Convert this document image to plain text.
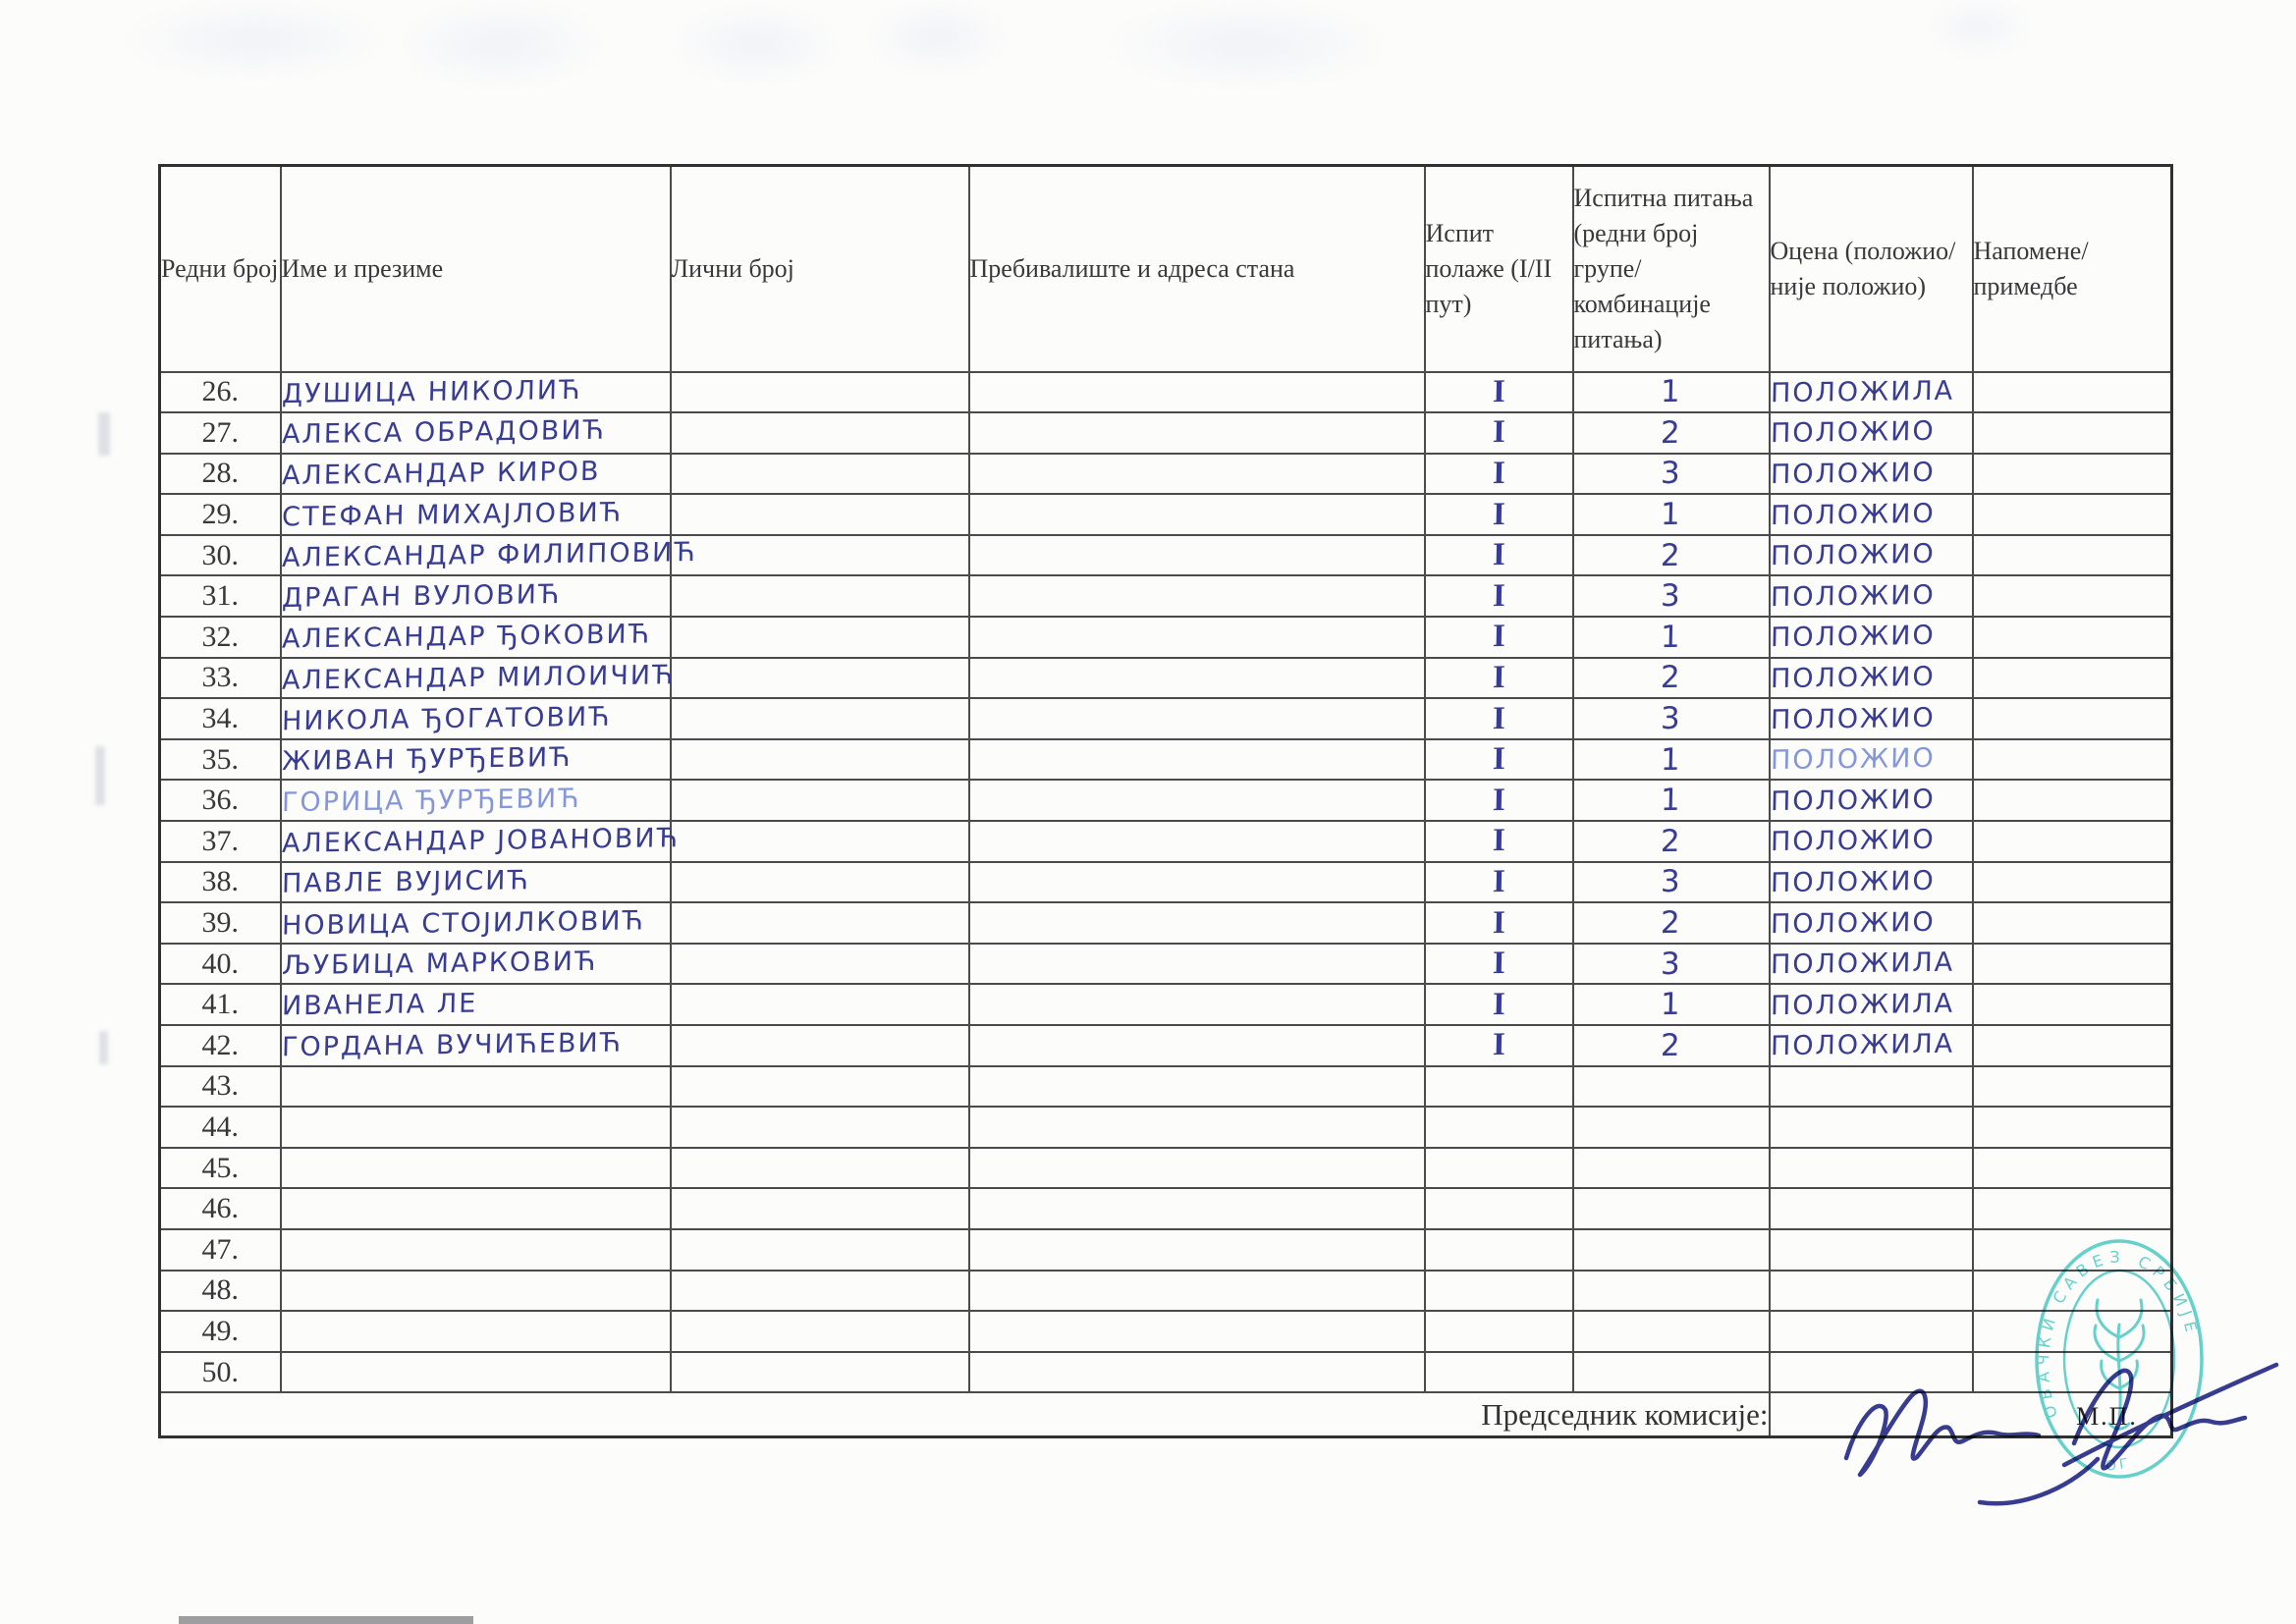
Редни број	Име и презиме	Лични број	Пребивалиште и адреса стана	Испит полаже (I/II пут)	Испитна питања (редни број групе/ комбинације питања)	Оцена (положио/ није положио)	Напомене/ примедбе
26.	ДУШИЦА НИКОЛИЋ			I	1	ПОЛОЖИЛА	
27.	АЛЕКСА ОБРАДОВИЋ			I	2	ПОЛОЖИО	
28.	АЛЕКСАНДАР КИРОВ			I	3	ПОЛОЖИО	
29.	СТЕФАН МИХАЈЛОВИЋ			I	1	ПОЛОЖИО	
30.	АЛЕКСАНДАР ФИЛИПОВИЋ			I	2	ПОЛОЖИО	
31.	ДРАГАН ВУЛОВИЋ			I	3	ПОЛОЖИО	
32.	АЛЕКСАНДАР ЂОКОВИЋ			I	1	ПОЛОЖИО	
33.	АЛЕКСАНДАР МИЛОИЧИЋ			I	2	ПОЛОЖИО	
34.	НИКОЛА ЂОГАТОВИЋ			I	3	ПОЛОЖИО	
35.	ЖИВАН ЂУРЂЕВИЋ			I	1	ПОЛОЖИО	
36.	ГОРИЦА ЂУРЂЕВИЋ			I	1	ПОЛОЖИО	
37.	АЛЕКСАНДАР ЈОВАНОВИЋ			I	2	ПОЛОЖИО	
38.	ПАВЛЕ ВУЈИСИЋ			I	3	ПОЛОЖИО	
39.	НОВИЦА СТОЈИЛКОВИЋ			I	2	ПОЛОЖИО	
40.	ЉУБИЦА МАРКОВИЋ			I	3	ПОЛОЖИЛА	
41.	ИВАНЕЛА ЛЕ			I	1	ПОЛОЖИЛА	
42.	ГОРДАНА ВУЧИЋЕВИЋ			I	2	ПОЛОЖИЛА	
43.							
44.							
45.							
46.							
47.							
48.							
49.							
50.							
Председник комисије:								М.П.
ОВАЧКИ САВЕЗ СРБИЈЕ
ОГ
